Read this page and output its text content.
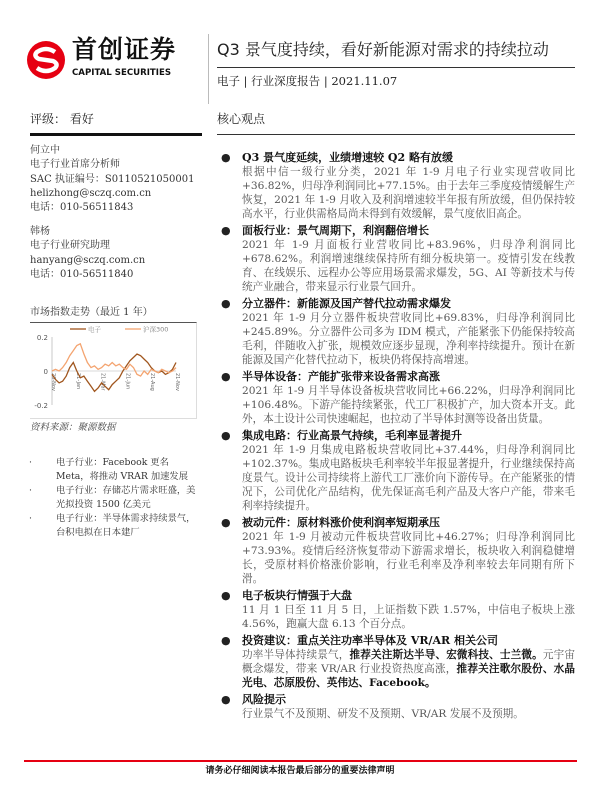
首创证券
CAPITAL SECURITIES
Q3 景气度持续，看好新能源对需求的持续拉动
电子 | 行业深度报告 | 2021.11.07
评级： 看好	核心观点
何立中
电子行业首席分析师
SAC 执证编号：S0110521050001
helizhong@sczq.com.cn
电话：010-56511843
韩杨
电子行业研究助理
hanyang@sczq.com.cn
电话：010-56511840
市场指数走势（最近 1 年）
0.2
0
-0.2
20-Nov	21-Jan	21-Mar	21-Jun	21-Aug	21-Nov
电子	沪深300
资料来源：聚源数据
·	电子行业：Facebook 更名 Meta，将推动 VRAR 加速发展
·	电子行业：存储芯片需求旺盛，美光拟投资 1500 亿美元
·	电子行业：半导体需求持续景气，台积电拟在日本建厂
● Q3 景气度延续，业绩增速较 Q2 略有放缓
根据中信一级行业分类，2021 年 1-9 月电子行业实现营收同比+36.82%，归母净利润同比+77.15%。由于去年三季度疫情缓解生产恢复，2021 年 1-9 月收入及利润增速较半年报有所放缓，但仍保持较高水平，行业供需格局尚未得到有效缓解，景气度依旧高企。
● 面板行业：景气周期下，利润翻倍增长
2021 年 1-9 月面板行业营收同比+83.96%，归母净利润同比+678.62%。利润增速继续保持所有细分板块第一。疫情引发在线教育、在线娱乐、远程办公等应用场景需求爆发，5G、AI 等新技术与传统产业融合，带来显示行业景气回升。
● 分立器件：新能源及国产替代拉动需求爆发
2021 年 1-9 月分立器件板块营收同比+69.83%，归母净利润同比+245.89%。分立器件公司多为 IDM 模式，产能紧张下仍能保持较高毛利，伴随收入扩张，规模效应逐步显现，净利率持续提升。预计在新能源及国产化替代拉动下，板块仍将保持高增速。
● 半导体设备：产能扩张带来设备需求高涨
2021 年 1-9 月半导体设备板块营收同比+66.22%，归母净利润同比+106.48%。下游产能持续紧张，代工厂积极扩产，加大资本开支。此外，本土设计公司快速崛起，也拉动了半导体封测等设备出货量。
● 集成电路：行业高景气持续，毛利率显著提升
2021 年 1-9 月集成电路板块营收同比+37.44%，归母净利润同比+102.37%。集成电路板块毛利率较半年报显著提升，行业继续保持高度景气。设计公司持续将上游代工厂涨价向下游传导。在产能紧张的情况下，公司优化产品结构，优先保证高毛利产品及大客户产能，带来毛利率持续提升。
● 被动元件：原材料涨价使利润率短期承压
2021 年 1-9 月被动元件板块营收同比+46.27%；归母净利润同比+73.93%。疫情后经济恢复带动下游需求增长，板块收入利润稳健增长，受原材料价格涨价影响，行业毛利率及净利率较去年同期有所下滑。
● 电子板块行情强于大盘
11 月 1 日至 11 月 5 日，上证指数下跌 1.57%，中信电子板块上涨 4.56%，跑赢大盘 6.13 个百分点。
● 投资建议：重点关注功率半导体及 VR/AR 相关公司
功率半导体持续景气，推荐关注斯达半导、宏微科技、士兰微。元宇宙概念爆发，带来 VR/AR 行业投资热度高涨，推荐关注歌尔股份、水晶光电、芯原股份、英伟达、Facebook。
● 风险提示
行业景气不及预期、研发不及预期、VR/AR 发展不及预期。
请务必仔细阅读本报告最后部分的重要法律声明
